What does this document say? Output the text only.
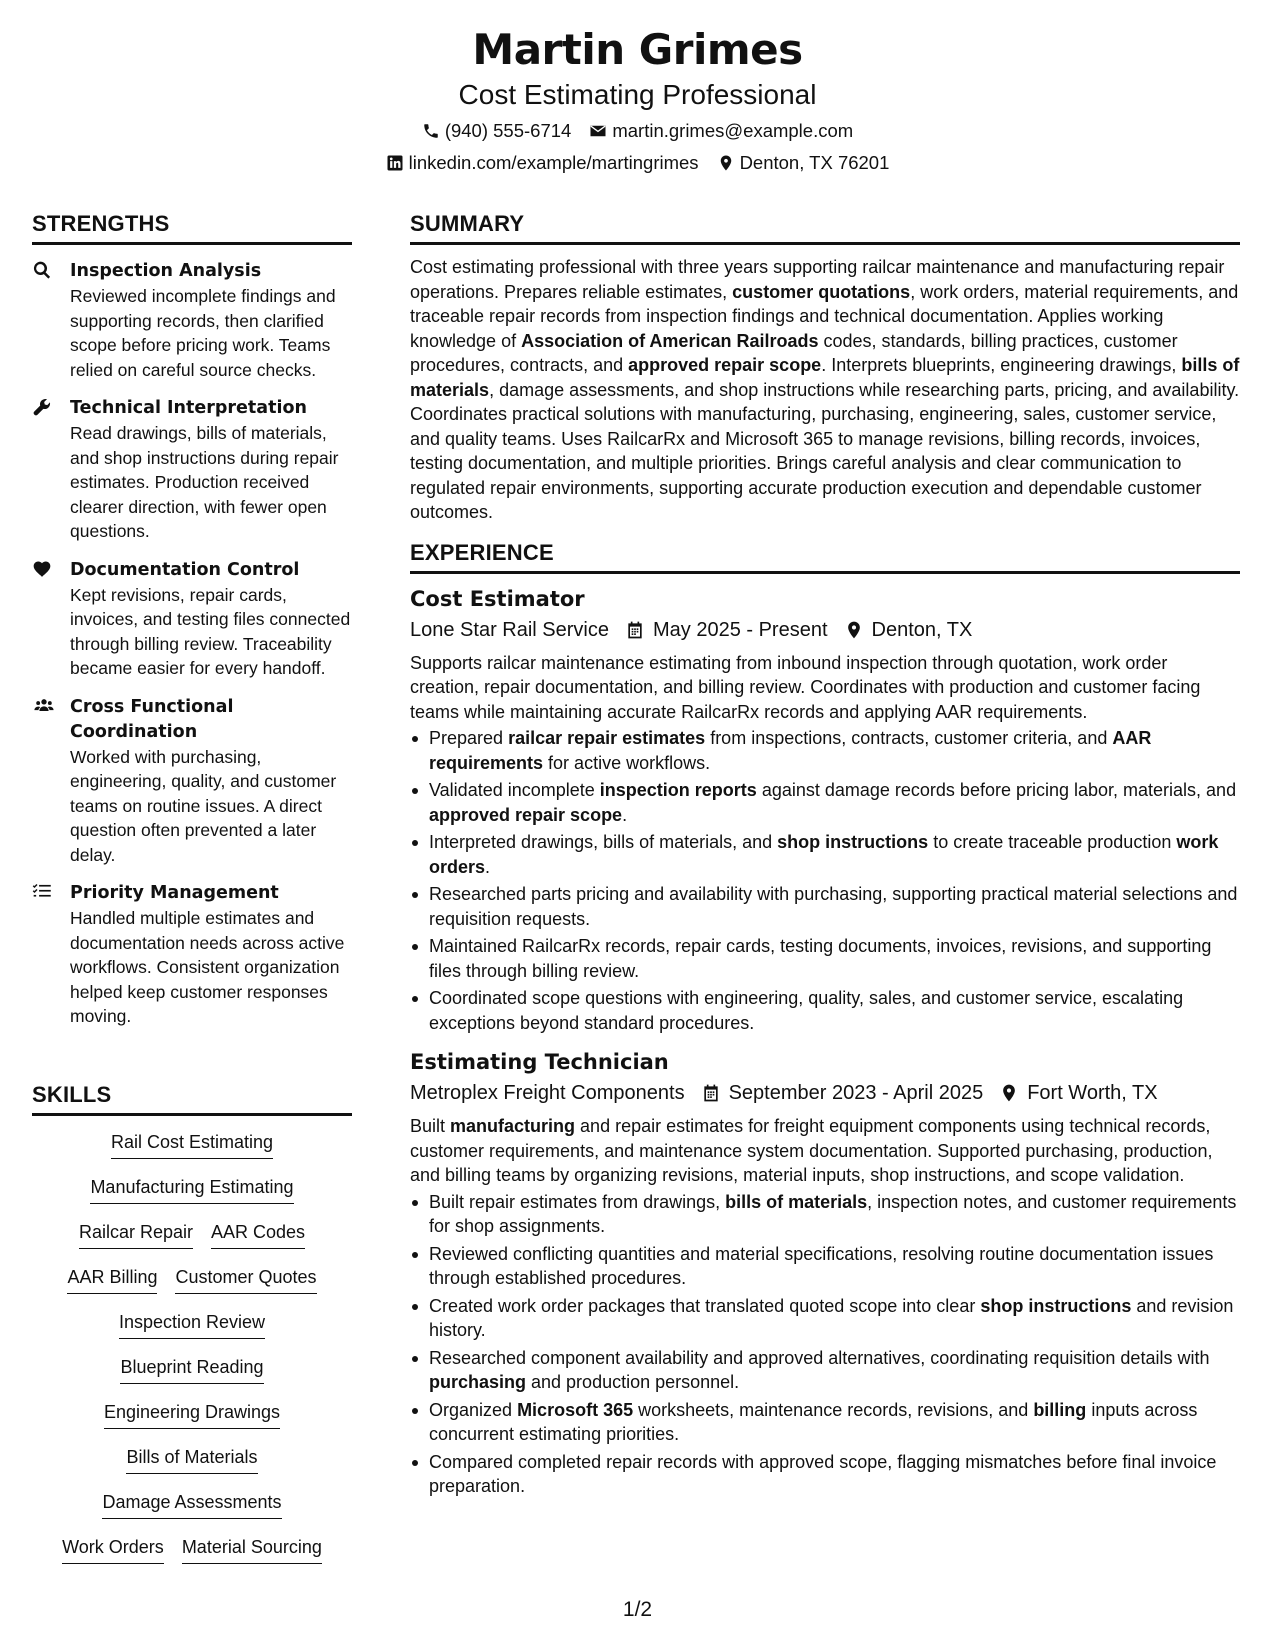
Martin Grimes
Cost Estimating Professional
(940) 555-6714 martin.grimes@example.com
linkedin.com/example/martingrimes Denton, TX 76201
STRENGTHS
Inspection Analysis
Reviewed incomplete findings and supporting records, then clarified scope before pricing work. Teams relied on careful source checks.
Technical Interpretation
Read drawings, bills of materials, and shop instructions during repair estimates. Production received clearer direction, with fewer open questions.
Documentation Control
Kept revisions, repair cards, invoices, and testing files connected through billing review. Traceability became easier for every handoff.
Cross Functional Coordination
Worked with purchasing, engineering, quality, and customer teams on routine issues. A direct question often prevented a later delay.
Priority Management
Handled multiple estimates and documentation needs across active workflows. Consistent organization helped keep customer responses moving.
SKILLS
Rail Cost Estimating
Manufacturing Estimating
Railcar Repair AAR Codes
AAR Billing Customer Quotes
Inspection Review
Blueprint Reading
Engineering Drawings
Bills of Materials
Damage Assessments
Work Orders Material Sourcing
SUMMARY
Cost estimating professional with three years supporting railcar maintenance and manufacturing repair operations. Prepares reliable estimates, customer quotations, work orders, material requirements, and traceable repair records from inspection findings and technical documentation. Applies working knowledge of Association of American Railroads codes, standards, billing practices, customer procedures, contracts, and approved repair scope. Interprets blueprints, engineering drawings, bills of materials, damage assessments, and shop instructions while researching parts, pricing, and availability. Coordinates practical solutions with manufacturing, purchasing, engineering, sales, customer service, and quality teams. Uses RailcarRx and Microsoft 365 to manage revisions, billing records, invoices, testing documentation, and multiple priorities. Brings careful analysis and clear communication to regulated repair environments, supporting accurate production execution and dependable customer outcomes.
EXPERIENCE
Cost Estimator
Lone Star Rail Service May 2025 - Present Denton, TX
Supports railcar maintenance estimating from inbound inspection through quotation, work order creation, repair documentation, and billing review. Coordinates with production and customer facing teams while maintaining accurate RailcarRx records and applying AAR requirements.
Prepared railcar repair estimates from inspections, contracts, customer criteria, and AAR requirements for active workflows.
Validated incomplete inspection reports against damage records before pricing labor, materials, and approved repair scope.
Interpreted drawings, bills of materials, and shop instructions to create traceable production work orders.
Researched parts pricing and availability with purchasing, supporting practical material selections and requisition requests.
Maintained RailcarRx records, repair cards, testing documents, invoices, revisions, and supporting files through billing review.
Coordinated scope questions with engineering, quality, sales, and customer service, escalating exceptions beyond standard procedures.
Estimating Technician
Metroplex Freight Components September 2023 - April 2025 Fort Worth, TX
Built manufacturing and repair estimates for freight equipment components using technical records, customer requirements, and maintenance system documentation. Supported purchasing, production, and billing teams by organizing revisions, material inputs, shop instructions, and scope validation.
Built repair estimates from drawings, bills of materials, inspection notes, and customer requirements for shop assignments.
Reviewed conflicting quantities and material specifications, resolving routine documentation issues through established procedures.
Created work order packages that translated quoted scope into clear shop instructions and revision history.
Researched component availability and approved alternatives, coordinating requisition details with purchasing and production personnel.
Organized Microsoft 365 worksheets, maintenance records, revisions, and billing inputs across concurrent estimating priorities.
Compared completed repair records with approved scope, flagging mismatches before final invoice preparation.
1/2
